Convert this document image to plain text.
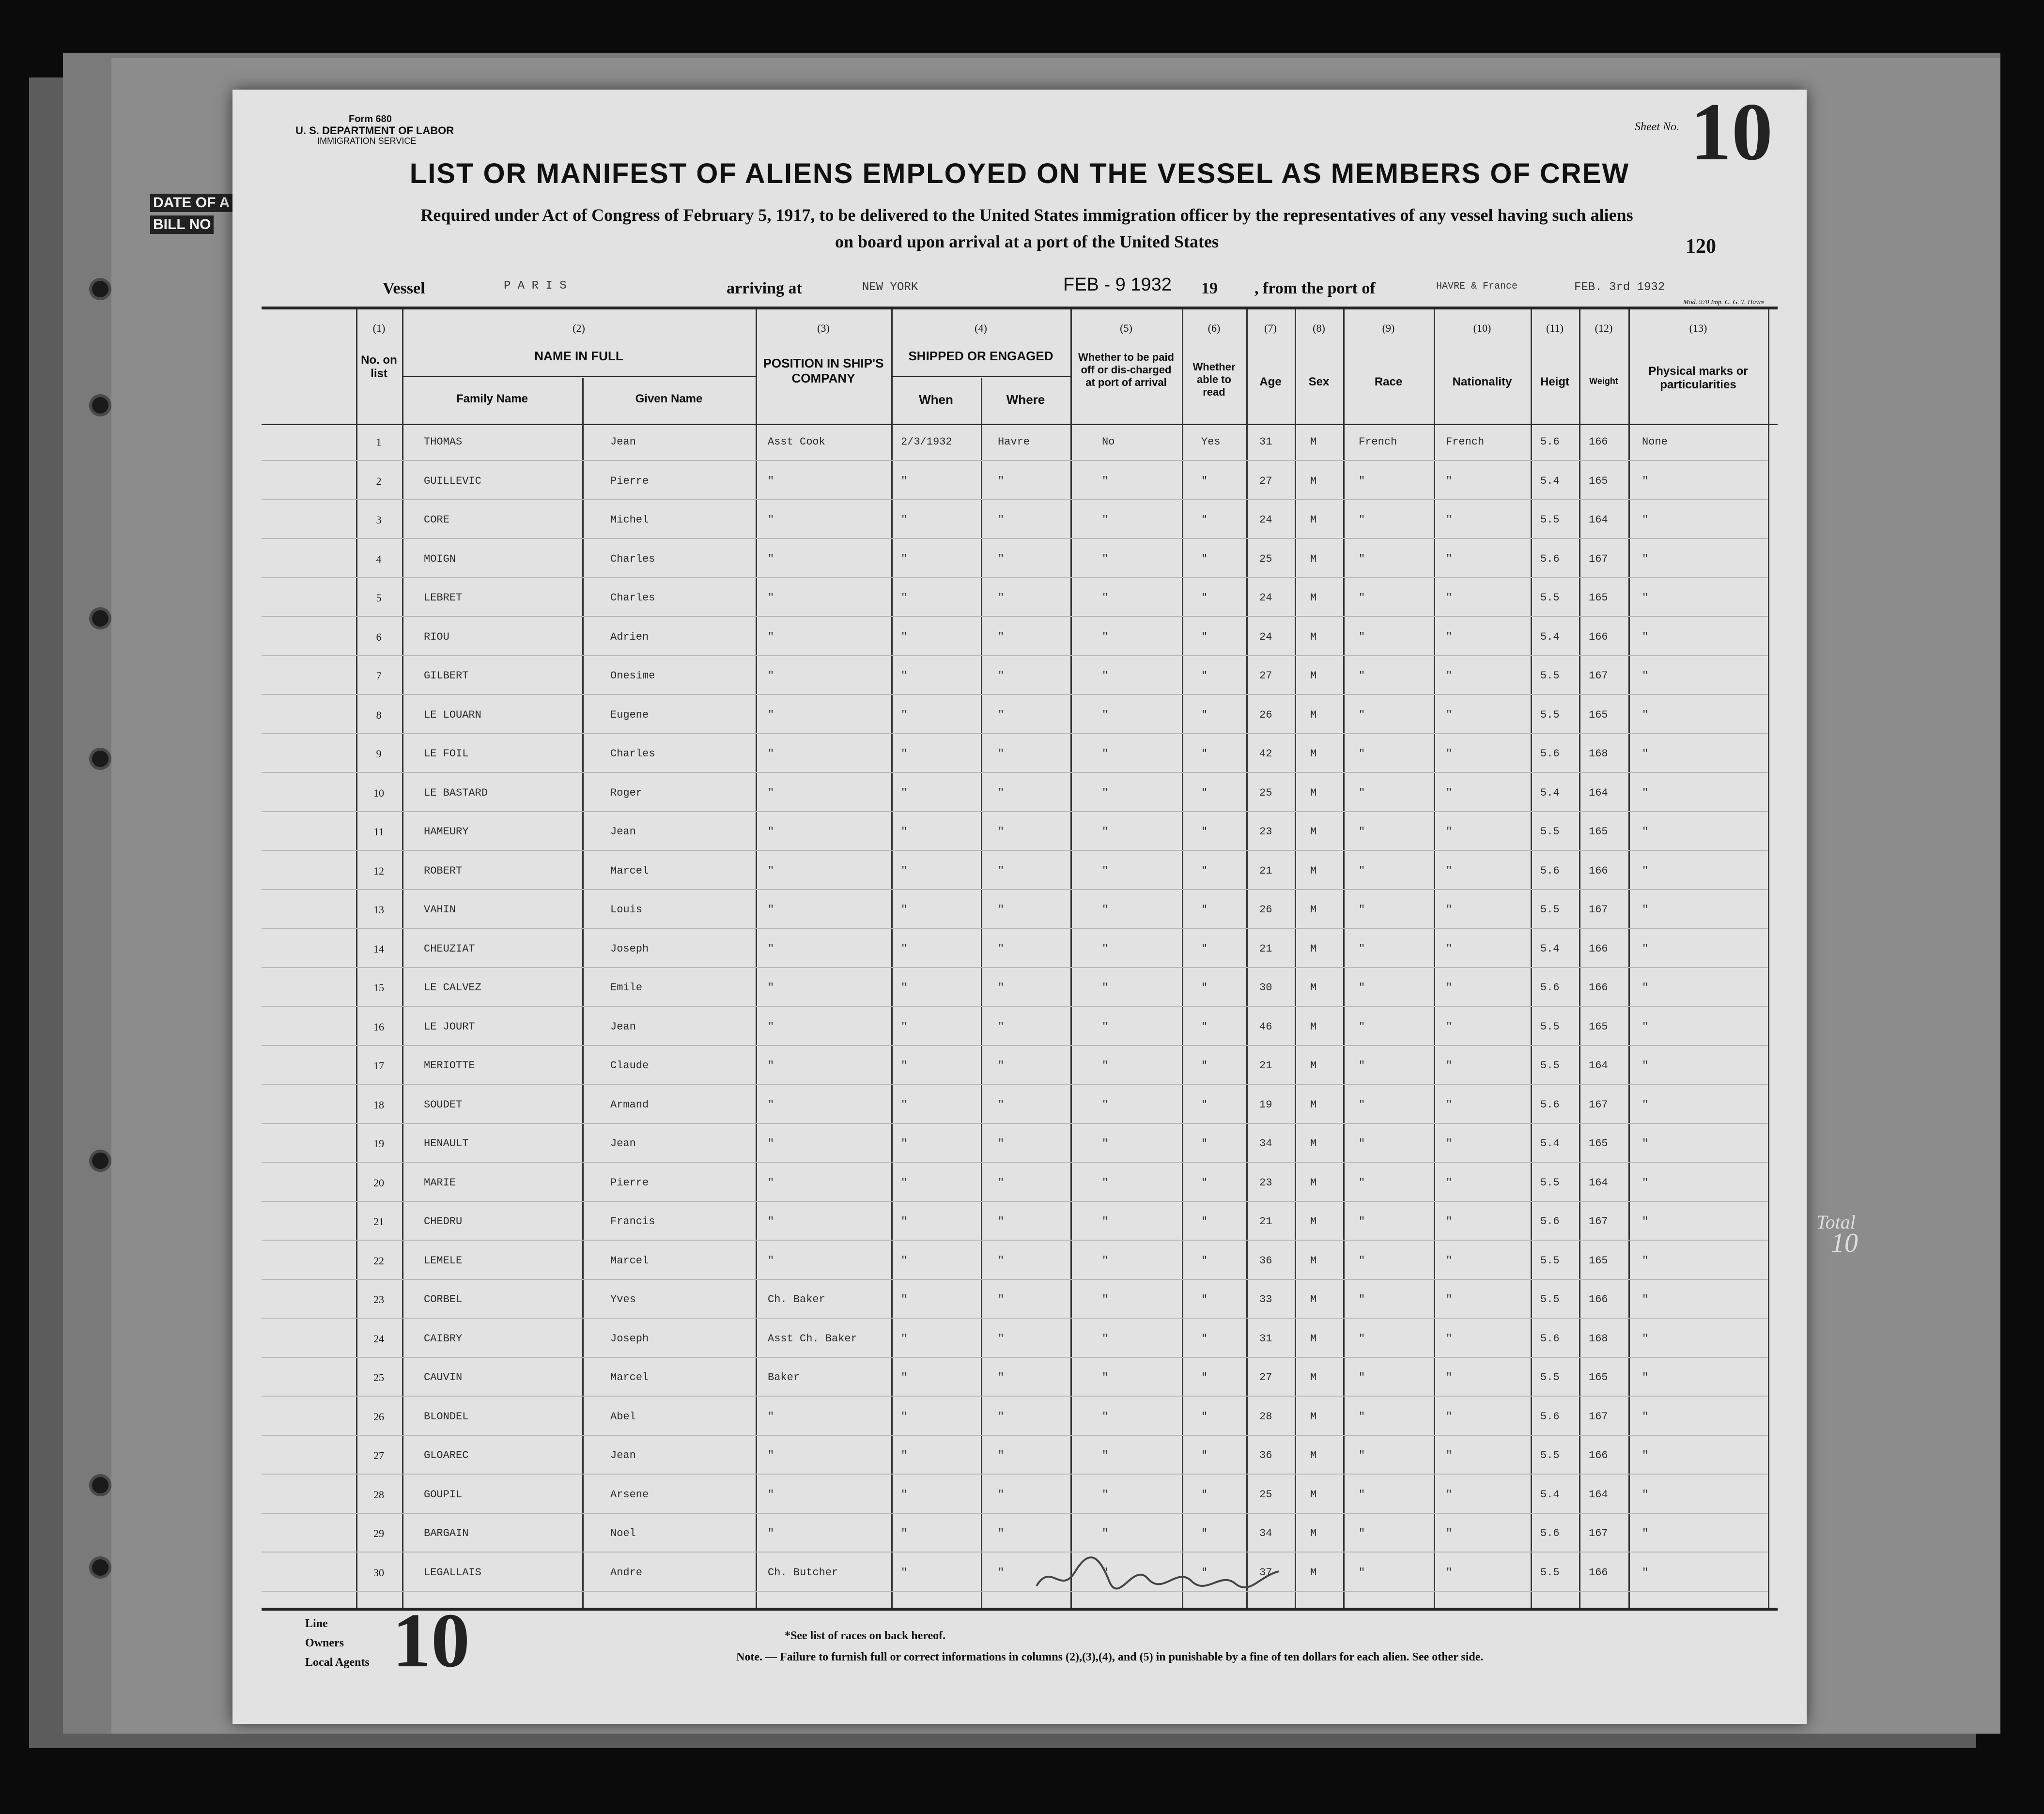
DATE OF A
BILL NO
Form 680
U. S. DEPARTMENT OF LABOR
IMMIGRATION SERVICE
Sheet No. 10
LIST OR MANIFEST OF ALIENS EMPLOYED ON THE VESSEL AS MEMBERS OF CREW
Required under Act of Congress of February 5, 1917, to be delivered to the United States immigration officer by the representatives of any vessel having such aliens
on board upon arrival at a port of the United States	120
Vessel	P A R I S	arriving at	NEW YORK	FEB - 9 1932 19 , from the port of	HAVRE & France	FEB. 3rd 1932
Mod. 970 Imp. C. G. T. Havre
(1)	(2)	(3)	(4)	(5)	(6)	(7)	(8)	(9)	(10)	(11)	(12)	(13)
No. on list
NAME IN FULL
Family Name	Given Name
POSITION IN SHIP'S COMPANY
SHIPPED OR ENGAGED
When	Where
Whether to be paid off or dis-charged at port of arrival
Whether able to read
Age	Sex	Race	Nationality	Heigt	Weight
Physical marks or particularities
1	THOMAS	Jean	Asst Cook	2/3/1932	Havre	No	Yes	31	M	French	French	5.6	166	None
2	GUILLEVIC	Pierre	"	"	"	"	"	27	M	"	"	5.4	165	"
3	CORE	Michel	"	"	"	"	"	24	M	"	"	5.5	164	"
4	MOIGN	Charles	"	"	"	"	"	25	M	"	"	5.6	167	"
5	LEBRET	Charles	"	"	"	"	"	24	M	"	"	5.5	165	"
6	RIOU	Adrien	"	"	"	"	"	24	M	"	"	5.4	166	"
7	GILBERT	Onesime	"	"	"	"	"	27	M	"	"	5.5	167	"
8	LE LOUARN	Eugene	"	"	"	"	"	26	M	"	"	5.5	165	"
9	LE FOIL	Charles	"	"	"	"	"	42	M	"	"	5.6	168	"
10	LE BASTARD	Roger	"	"	"	"	"	25	M	"	"	5.4	164	"
11	HAMEURY	Jean	"	"	"	"	"	23	M	"	"	5.5	165	"
12	ROBERT	Marcel	"	"	"	"	"	21	M	"	"	5.6	166	"
13	VAHIN	Louis	"	"	"	"	"	26	M	"	"	5.5	167	"
14	CHEUZIAT	Joseph	"	"	"	"	"	21	M	"	"	5.4	166	"
15	LE CALVEZ	Emile	"	"	"	"	"	30	M	"	"	5.6	166	"
16	LE JOURT	Jean	"	"	"	"	"	46	M	"	"	5.5	165	"
17	MERIOTTE	Claude	"	"	"	"	"	21	M	"	"	5.5	164	"
18	SOUDET	Armand	"	"	"	"	"	19	M	"	"	5.6	167	"
19	HENAULT	Jean	"	"	"	"	"	34	M	"	"	5.4	165	"
20	MARIE	Pierre	"	"	"	"	"	23	M	"	"	5.5	164	"
21	CHEDRU	Francis	"	"	"	"	"	21	M	"	"	5.6	167	"
22	LEMELE	Marcel	"	"	"	"	"	36	M	"	"	5.5	165	"
23	CORBEL	Yves	Ch. Baker	"	"	"	"	33	M	"	"	5.5	166	"
24	CAIBRY	Joseph	Asst Ch. Baker	"	"	"	"	31	M	"	"	5.6	168	"
25	CAUVIN	Marcel	Baker	"	"	"	"	27	M	"	"	5.5	165	"
26	BLONDEL	Abel	"	"	"	"	"	28	M	"	"	5.6	167	"
27	GLOAREC	Jean	"	"	"	"	"	36	M	"	"	5.5	166	"
28	GOUPIL	Arsene	"	"	"	"	"	25	M	"	"	5.4	164	"
29	BARGAIN	Noel	"	"	"	"	"	34	M	"	"	5.6	167	"
30	LEGALLAIS	Andre	Ch. Butcher	"	"	"	"	37	M	"	"	5.5	166	"
Line
Owners
Local Agents 10	*See list of races on back hereof.
Note. — Failure to furnish full or correct informations in columns (2),(3),(4), and (5) in punishable by a fine of ten dollars for each alien. See other side.
Total
10
